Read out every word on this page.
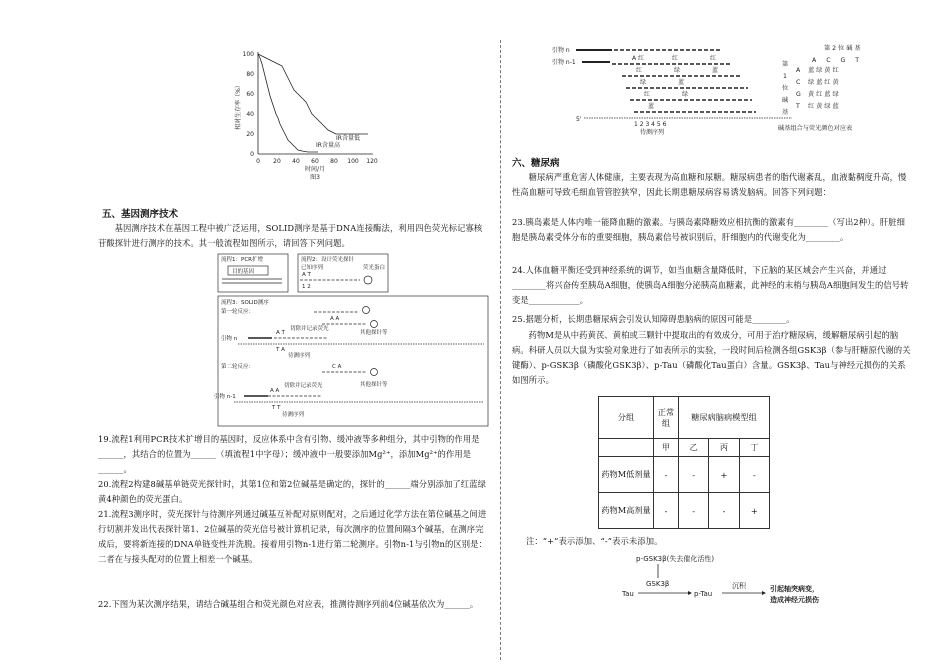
100
80
60
40
20
0
0 20 40 60 80 100 120
时间/月
图3
相对生存率（%）
IR含量低
IR含量高
五、基因测序技术
基因测序技术在基因工程中被广泛运用，SOLID测序是基于DNA连接酶法，利用四色荧光标记寡核苷酸探针进行测序的技术。其一般流程如图所示，请回答下列问题。
流程1：PCR扩增
目的基因
流程2：设计荧光探针
已知序列
A T
1 2
荧光蛋白
流程3：SOLID测序
第一轮反应：
A A
切除并记录荧光
其他探针等
引物 n
A T
T A
待测序列
第二轮反应：	C A
切除并记录荧光	其他探针等
引物 n-1
A A
T T
待测序列
19.流程1利用PCR技术扩增目的基因时，反应体系中含有引物、缓冲液等多种组分，其中引物的作用是______，其结合的位置为______（填流程1中字母）；缓冲液中一般要添加Mg²⁺，添加Mg²⁺的作用是______。
20.流程2构建8碱基单链荧光探针时，其第1位和第2位碱基是确定的，探针的______端分别添加了红蓝绿黄4种颜色的荧光蛋白。
21.流程3测序时，荧光探针与待测序列通过碱基互补配对原则配对，之后通过化学方法在第位碱基之间进行切割并发出代表探针第1、2位碱基的荧光信号被计算机记录，每次测序的位置间隔3个碱基，在测序完成后，要将新连接的DNA单链变性并洗脱。接着用引物n-1进行第二轮测序。引物n-1与引物n的区别是：二者在与接头配对的位置上相差一个碱基。
22.下图为某次测序结果，请结合碱基组合和荧光颜色对应表，推测待测序列前4位碱基依次为______。
引物 n
引物 n-1
A 红	红	红
红	绿	蓝
绿	蓝
红	绿
蓝
5'
1 2 3 4 5 6
待测序列
第 2 位 碱 基
A C G T
第
1
位
碱
基
A 蓝 绿 黄 红
C 绿 蓝 红 黄
G 黄 红 蓝 绿
T 红 黄 绿 蓝
碱基组合与荧光颜色对应表
六、糖尿病
糖尿病严重危害人体健康，主要表现为高血糖和尿糖。糖尿病患者的脂代谢紊乱，血液黏稠度升高，慢性高血糖可导致毛细血管管腔狭窄，因此长期患糖尿病容易诱发脑病。回答下列问题：
23.胰岛素是人体内唯一能降血糖的激素。与胰岛素降糖效应相抗衡的激素有________（写出2种）。肝脏细胞是胰岛素受体分布的重要细胞，胰岛素信号被识别后，肝细胞内的代谢变化为________。
24.人体血糖平衡还受到神经系统的调节，如当血糖含量降低时，下丘脑的某区域会产生兴奋，并通过________将兴奋传至胰岛A细胞，使胰岛A细胞分泌胰高血糖素，此神经的末梢与胰岛A细胞间发生的信号转变是____________。
25.据题分析，长期患糖尿病会引发认知障碍患脑病的原因可能是________。
药物M是从中药黄芪、黄柏或三颗针中提取出的有效成分，可用于治疗糖尿病，缓解糖尿病引起的脑病。科研人员以大鼠为实验对象进行了如表所示的实验，一段时间后检测各组GSK3β（参与肝糖原代谢的关键酶）、p-GSK3β（磷酸化GSK3β）、p-Tau（磷酸化Tau蛋白）含量。GSK3β、Tau与神经元损伤的关系如图所示。
分组	正常组	糖尿病脑病模型组		

	甲	乙	丙	丁
药物M低剂量	-	-	+	-
药物M高剂量	-	-	-	+
注：“+”表示添加、“-”表示未添加。
p-GSK3β(失去催化活性)
GSK3β
Tau	p-Tau
沉积	引起轴突病变，
造成神经元损伤
